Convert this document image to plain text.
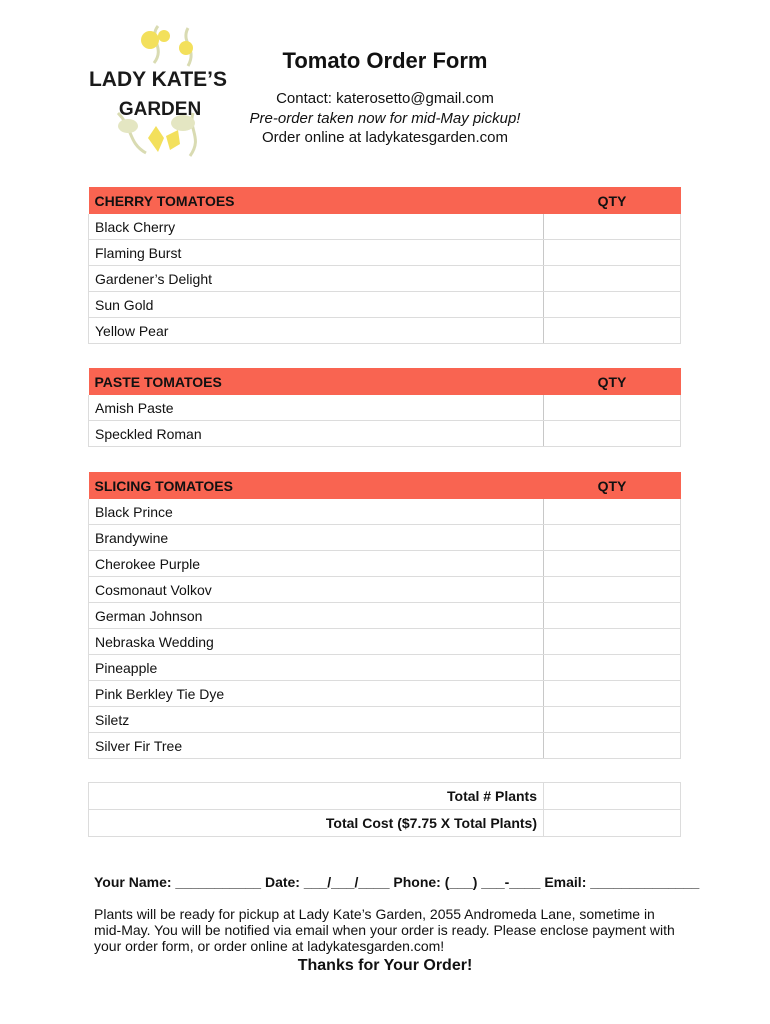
LADY KATE’S
GARDEN
Tomato Order Form
Contact: katerosetto@gmail.com
Pre-order taken now for mid-May pickup!
Order online at ladykatesgarden.com
CHERRY TOMATOES	QTY
Black Cherry	
Flaming Burst	
Gardener’s Delight	
Sun Gold	
Yellow Pear	
PASTE TOMATOES	QTY
Amish Paste	
Speckled Roman	
SLICING TOMATOES	QTY
Black Prince	
Brandywine	
Cherokee Purple	
Cosmonaut Volkov	
German Johnson	
Nebraska Wedding	
Pineapple	
Pink Berkley Tie Dye	
Siletz	
Silver Fir Tree	
Total # Plants	
Total Cost ($7.75 X Total Plants)	
Your Name: ___________ Date: ___/___/____ Phone: (___) ___-____ Email: ______________
Plants will be ready for pickup at Lady Kate’s Garden, 2055 Andromeda Lane, sometime in mid-May. You will be notified via email when your order is ready. Please enclose payment with your order form, or order online at ladykatesgarden.com!
Thanks for Your Order!
